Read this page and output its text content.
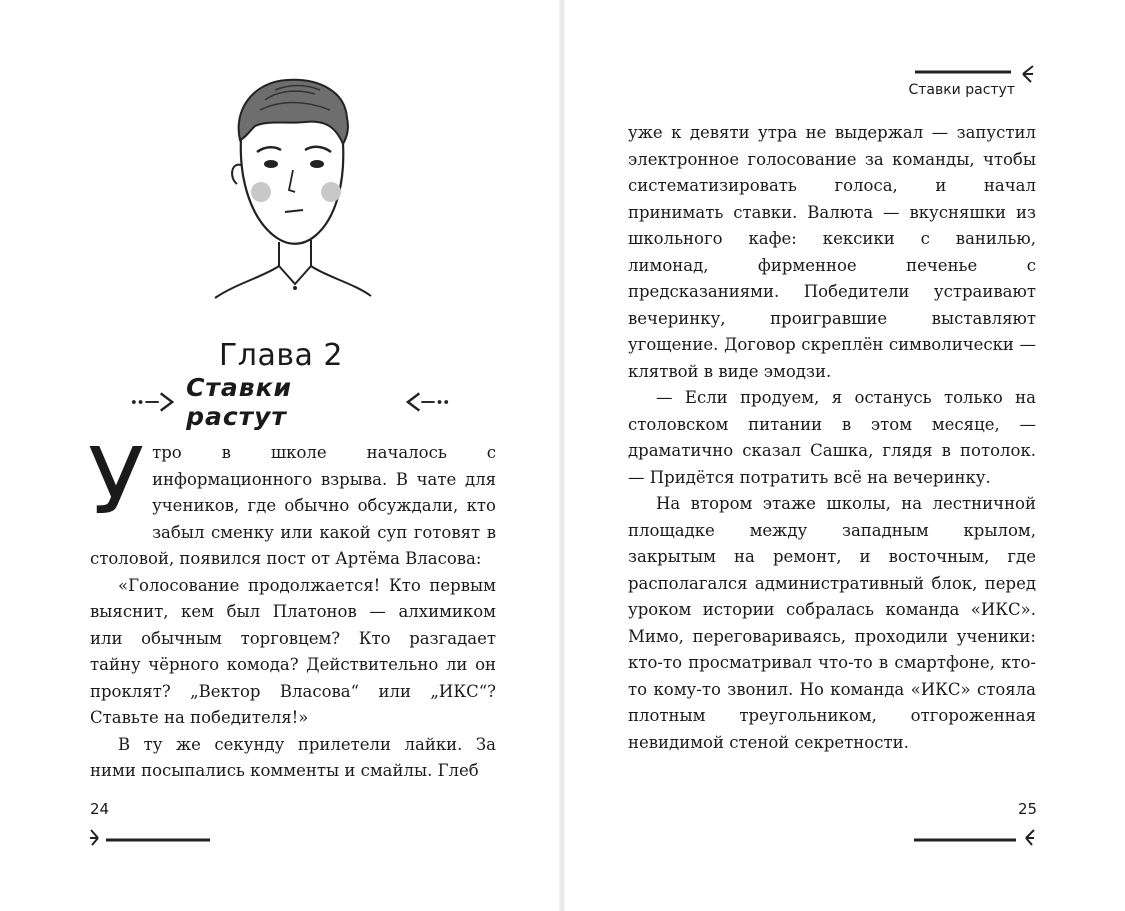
Глава 2
Ставки растут

Утро в школе началось с информационного взрыва. В чате для учеников, где обычно обсуждали, кто забыл сменку или какой суп готовят в столовой, появился пост от Артёма Власова:

«Голосование продолжается! Кто первым выяснит, кем был Платонов — алхимиком или обычным торговцем? Кто разгадает тайну чёрного комода? Действительно ли он проклят? „Вектор Власова“ или „ИКС“? Ставьте на победителя!»

В ту же секунду прилетели лайки. За ними посыпались комменты и смайлы. Глеб

24
Ставки растут

уже к девяти утра не выдержал — запустил электронное голосование за команды, чтобы систематизировать голоса, и начал принимать ставки. Валюта — вкусняшки из школьного кафе: кексики с ванилью, лимонад, фирменное печенье с предсказаниями. Победители устраивают вечеринку, проигравшие выставляют угощение. Договор скреплён символически — клятвой в виде эмодзи.

— Если продуем, я останусь только на столовском питании в этом месяце, — драматично сказал Сашка, глядя в потолок. — Придётся потратить всё на вечеринку.

На втором этаже школы, на лестничной площадке между западным крылом, закрытым на ремонт, и восточным, где располагался административный блок, перед уроком истории собралась команда «ИКС». Мимо, переговариваясь, проходили ученики: кто-то просматривал что-то в смартфоне, кто-то кому-то звонил. Но команда «ИКС» стояла плотным треугольником, отгороженная невидимой стеной секретности.

25
